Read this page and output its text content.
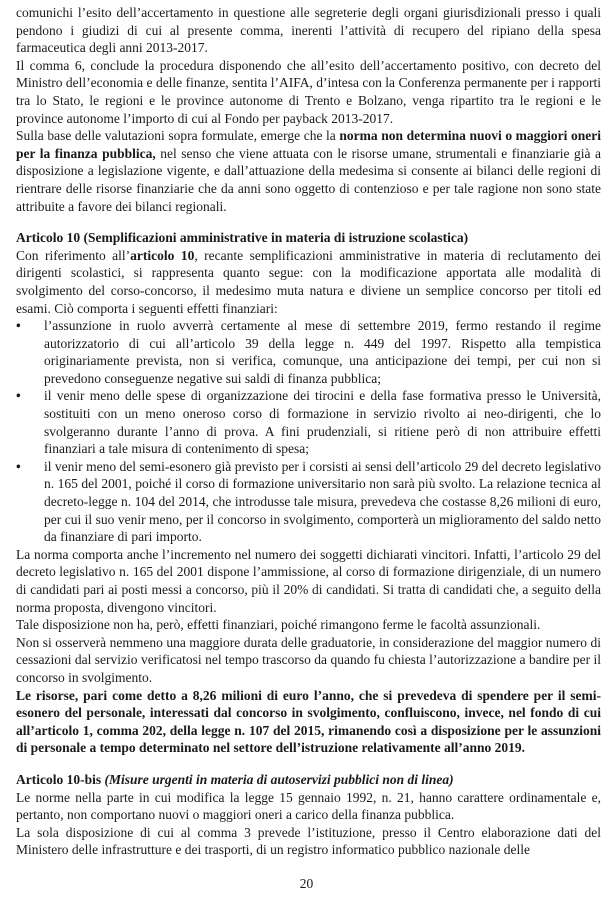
comunichi l’esito dell’accertamento in questione alle segreterie degli organi giurisdizionali presso i quali pendono i giudizi di cui al presente comma, inerenti l’attività di recupero del ripiano della spesa farmaceutica degli anni 2013-2017.

Il comma 6, conclude la procedura disponendo che all’esito dell’accertamento positivo, con decreto del Ministro dell’economia e delle finanze, sentita l’AIFA, d’intesa con la Conferenza permanente per i rapporti tra lo Stato, le regioni e le province autonome di Trento e Bolzano, venga ripartito tra le regioni e le province autonome l’importo di cui al Fondo per payback 2013-2017.

Sulla base delle valutazioni sopra formulate, emerge che la norma non determina nuovi o maggiori oneri per la finanza pubblica, nel senso che viene attuata con le risorse umane, strumentali e finanziarie già a disposizione a legislazione vigente, e dall’attuazione della medesima si consente ai bilanci delle regioni di rientrare delle risorse finanziarie che da anni sono oggetto di contenzioso e per tale ragione non sono state attribuite a favore dei bilanci regionali.

Articolo 10 (Semplificazioni amministrative in materia di istruzione scolastica)

Con riferimento all’articolo 10, recante semplificazioni amministrative in materia di reclutamento dei dirigenti scolastici, si rappresenta quanto segue: con la modificazione apportata alle modalità di svolgimento del corso-concorso, il medesimo muta natura e diviene un semplice concorso per titoli ed esami. Ciò comporta i seguenti effetti finanziari:

• l’assunzione in ruolo avverrà certamente al mese di settembre 2019, fermo restando il regime autorizzatorio di cui all’articolo 39 della legge n. 449 del 1997. Rispetto alla tempistica originariamente prevista, non si verifica, comunque, una anticipazione dei tempi, per cui non si prevedono conseguenze negative sui saldi di finanza pubblica;
• il venir meno delle spese di organizzazione dei tirocini e della fase formativa presso le Università, sostituiti con un meno oneroso corso di formazione in servizio rivolto ai neo-dirigenti, che lo svolgeranno durante l’anno di prova. A fini prudenziali, si ritiene però di non attribuire effetti finanziari a tale misura di contenimento di spesa;
• il venir meno del semi-esonero già previsto per i corsisti ai sensi dell’articolo 29 del decreto legislativo n. 165 del 2001, poiché il corso di formazione universitario non sarà più svolto. La relazione tecnica al decreto-legge n. 104 del 2014, che introdusse tale misura, prevedeva che costasse 8,26 milioni di euro, per cui il suo venir meno, per il concorso in svolgimento, comporterà un miglioramento del saldo netto da finanziare di pari importo.

La norma comporta anche l’incremento nel numero dei soggetti dichiarati vincitori. Infatti, l’articolo 29 del decreto legislativo n. 165 del 2001 dispone l’ammissione, al corso di formazione dirigenziale, di un numero di candidati pari ai posti messi a concorso, più il 20% di candidati. Si tratta di candidati che, a seguito della norma proposta, divengono vincitori.

Tale disposizione non ha, però, effetti finanziari, poiché rimangono ferme le facoltà assunzionali.

Non si osserverà nemmeno una maggiore durata delle graduatorie, in considerazione del maggior numero di cessazioni dal servizio verificatosi nel tempo trascorso da quando fu chiesta l’autorizzazione a bandire per il concorso in svolgimento.

Le risorse, pari come detto a 8,26 milioni di euro l’anno, che si prevedeva di spendere per il semi-esonero del personale, interessati dal concorso in svolgimento, confluiscono, invece, nel fondo di cui all’articolo 1, comma 202, della legge n. 107 del 2015, rimanendo così a disposizione per le assunzioni di personale a tempo determinato nel settore dell’istruzione relativamente all’anno 2019.

Articolo 10-bis (Misure urgenti in materia di autoservizi pubblici non di linea)

Le norme nella parte in cui modifica la legge 15 gennaio 1992, n. 21, hanno carattere ordinamentale e, pertanto, non comportano nuovi o maggiori oneri a carico della finanza pubblica.

La sola disposizione di cui al comma 3 prevede l’istituzione, presso il Centro elaborazione dati del Ministero delle infrastrutture e dei trasporti, di un registro informatico pubblico nazionale delle

20
